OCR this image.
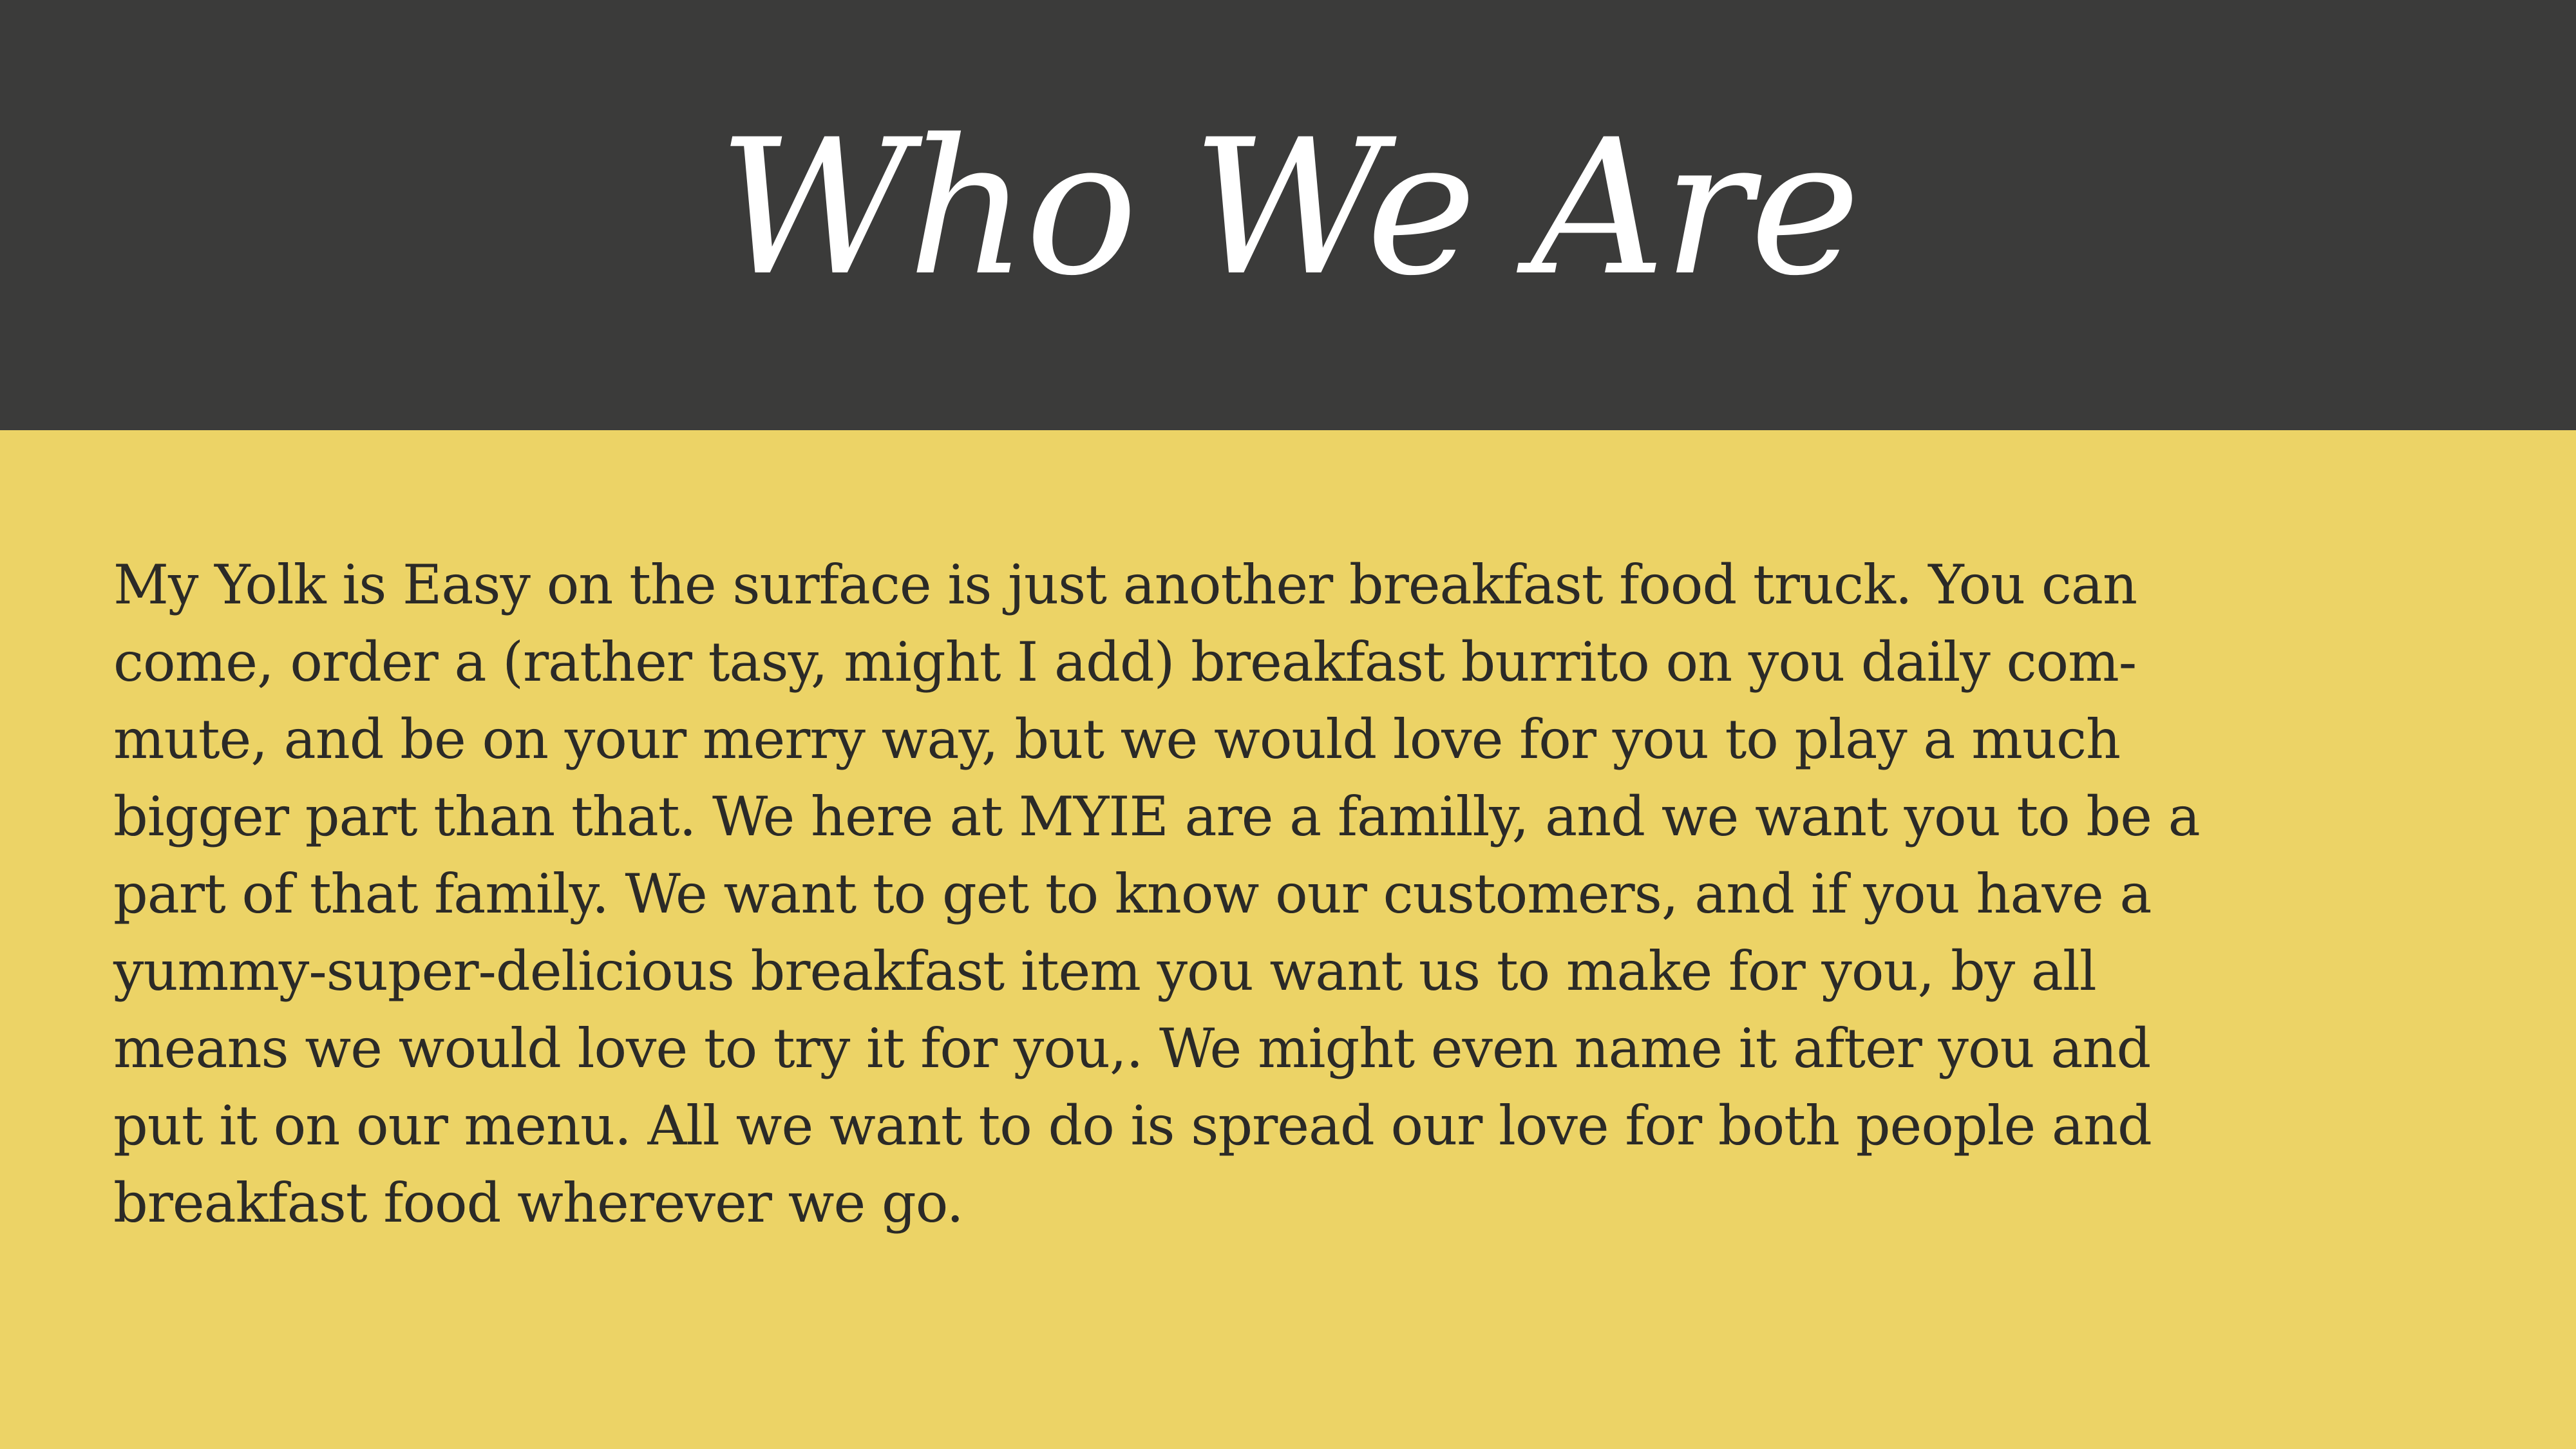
Who We Are
My Yolk is Easy on the surface is just another breakfast food truck. You can
come, order a (rather tasy, might I add) breakfast burrito on you daily com-
mute, and be on your merry way, but we would love for you to play a much
bigger part than that. We here at MYIE are a familly, and we want you to be a
part of that family. We want to get to know our customers, and if you have a
yummy-super-delicious breakfast item you want us to make for you, by all
means we would love to try it for you,. We might even name it after you and
put it on our menu. All we want to do is spread our love for both people and
breakfast food wherever we go.
